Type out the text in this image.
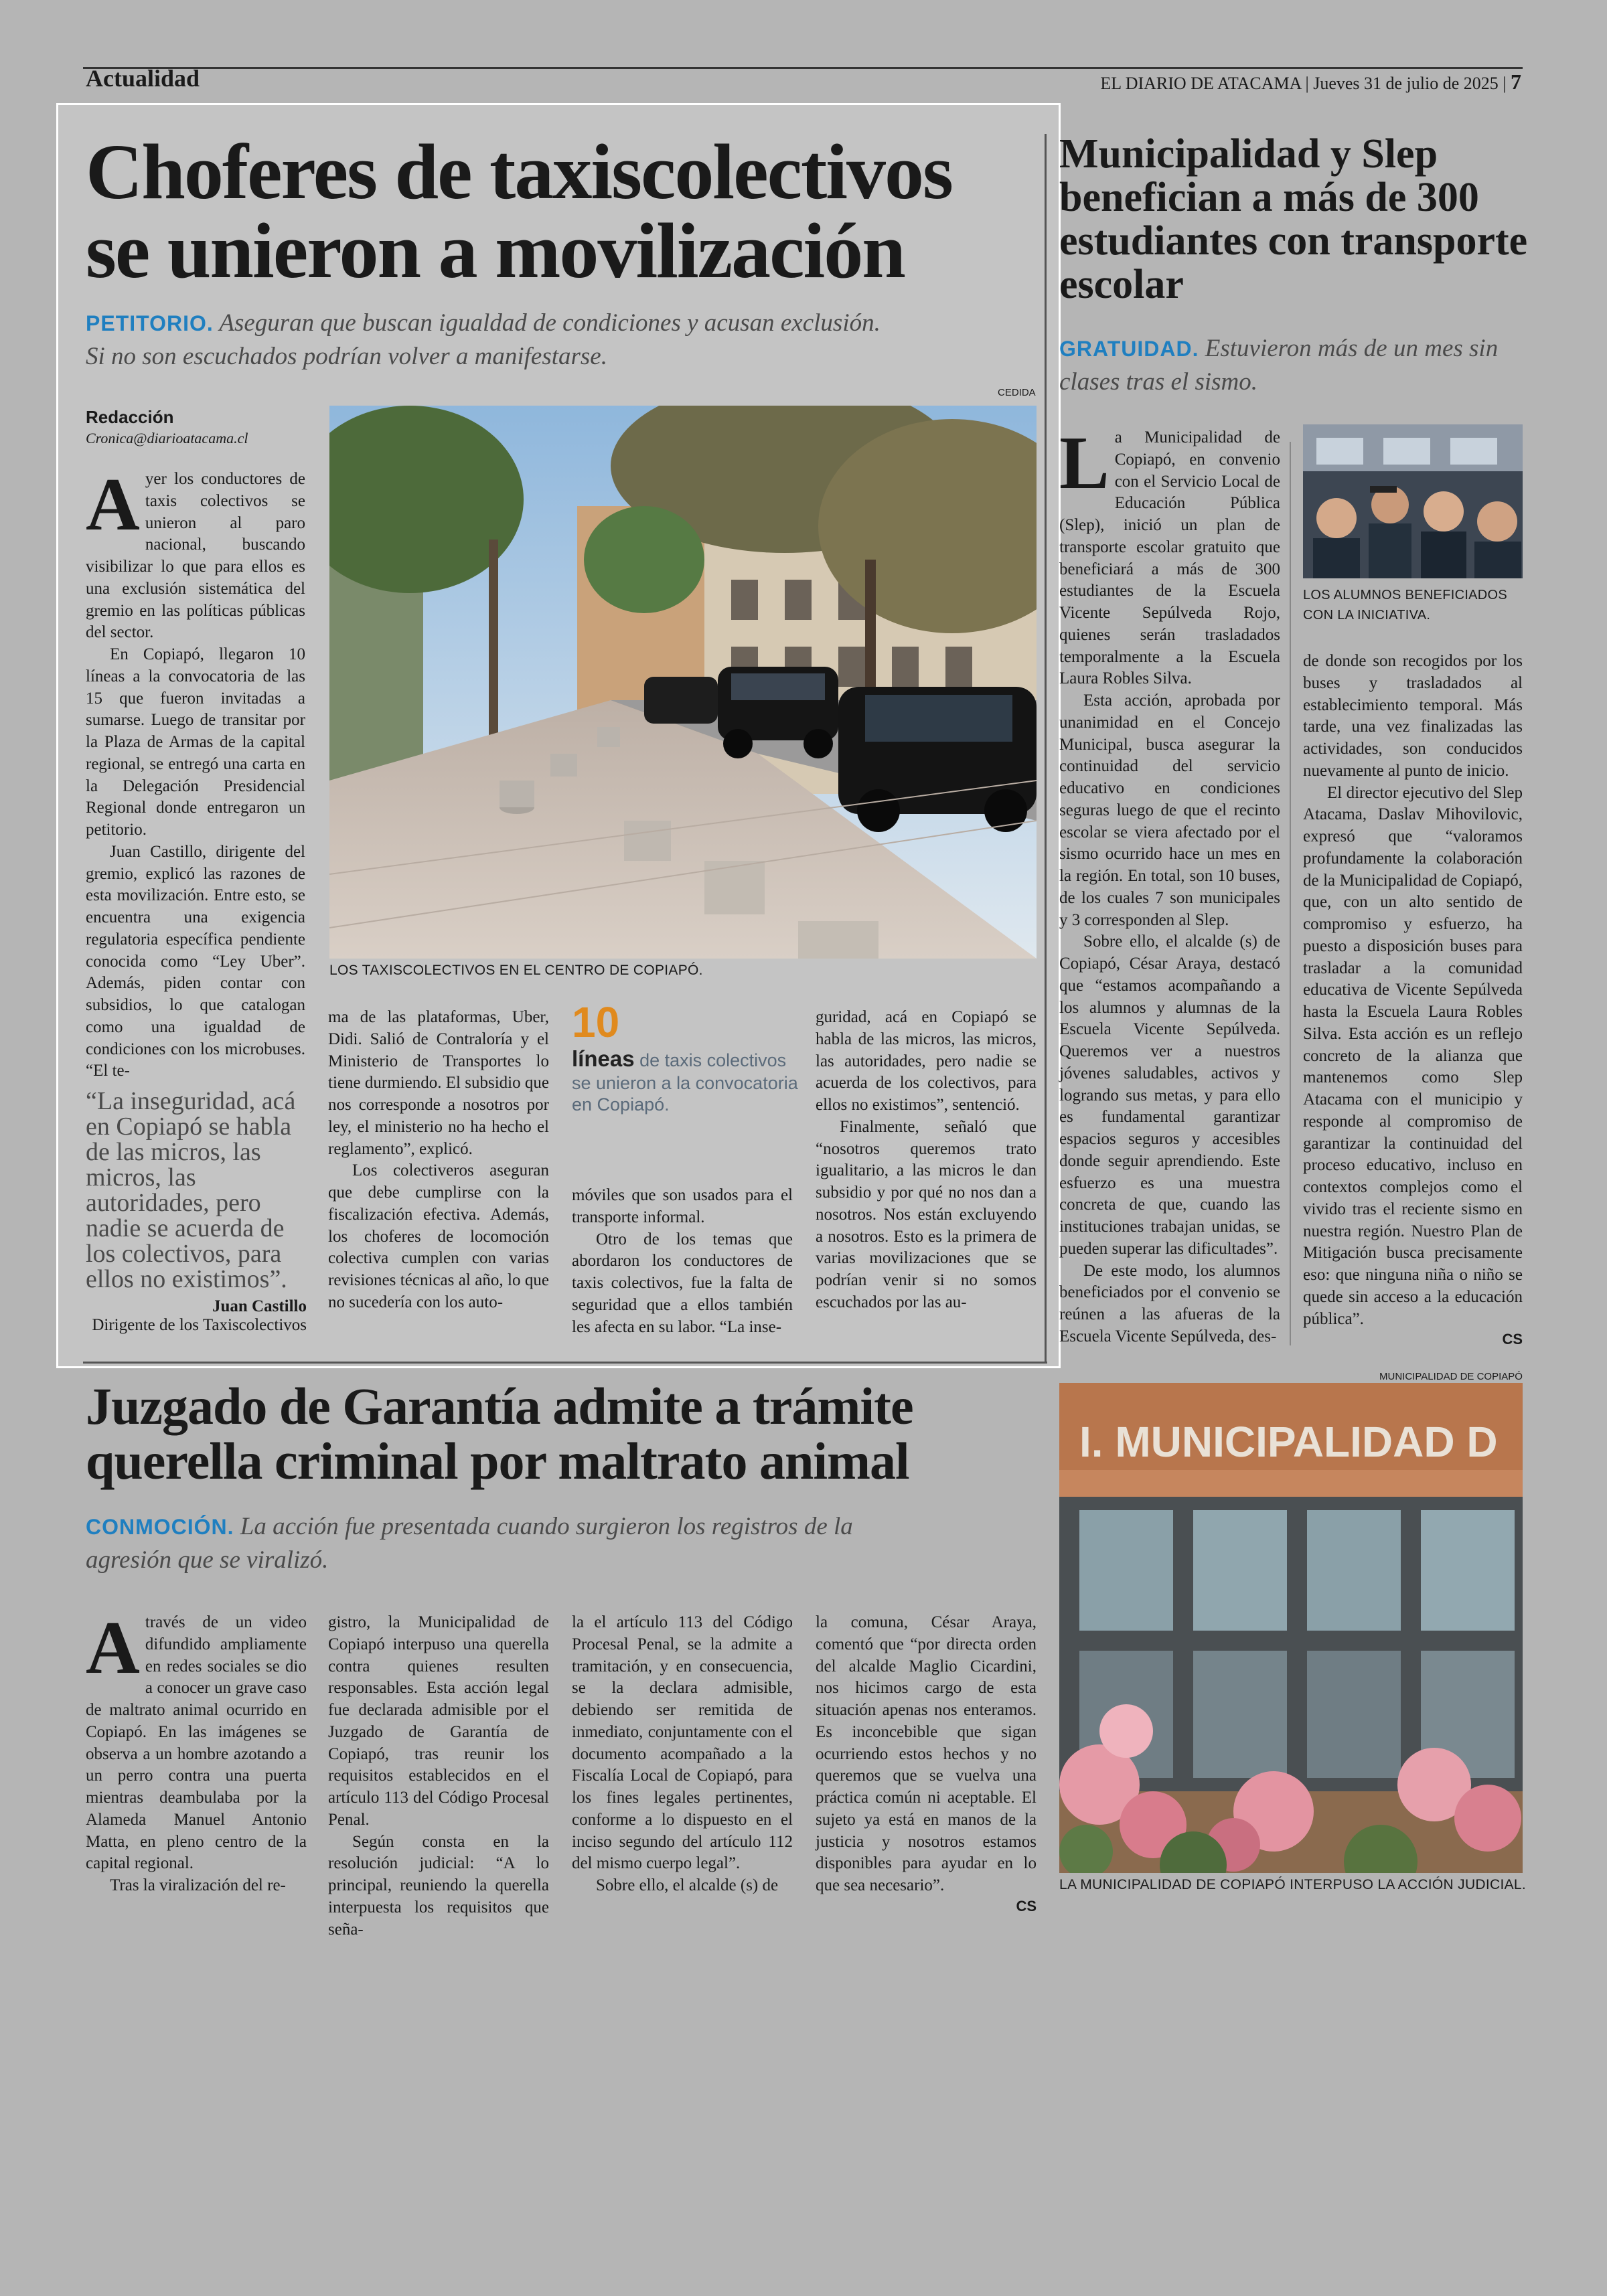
Actualidad	EL DIARIO DE ATACAMA | Jueves 31 de julio de 2025 | 7
Choferes de taxiscolectivos
se unieron a movilización
PETITORIO. Aseguran que buscan igualdad de condiciones y acusan exclusión.
Si no son escuchados podrían volver a manifestarse.
Redacción
Cronica@diarioatacama.cl
CEDIDA
LOS TAXISCOLECTIVOS EN EL CENTRO DE COPIAPÓ.

Ayer los conductores de taxis colectivos se unieron al paro nacional, buscando visibilizar lo que para ellos es una exclusión sistemática del gremio en las políticas públicas del sector.

En Copiapó, llegaron 10 líneas a la convocatoria de las 15 que fueron invitadas a sumarse. Luego de transitar por la Plaza de Armas de la capital regional, se entregó una carta en la Delegación Presidencial Regional donde entregaron un petitorio.

Juan Castillo, dirigente del gremio, explicó las razones de esta movilización. Entre esto, se encuentra una exigencia regulatoria específica pendiente conocida como “Ley Uber”. Además, piden contar con subsidios, lo que catalogan como una igualdad de condiciones con los microbuses. “El te-

“La inseguridad, acá en Copiapó se habla de las micros, las micros, las autoridades, pero nadie se acuerda de los colectivos, para ellos no existimos”.
Juan Castillo
Dirigente de los Taxiscolectivos

ma de las plataformas, Uber, Didi. Salió de Contraloría y el Ministerio de Transportes lo tiene durmiendo. El subsidio que nos corresponde a nosotros por ley, el ministerio no ha hecho el reglamento”, explicó.

Los colectiveros aseguran que debe cumplirse con la fiscalización efectiva. Además, los choferes de locomoción colectiva cumplen con varias revisiones técnicas al año, lo que no sucedería con los auto-

10
líneas de taxis colectivos se unieron a la convocatoria en Copiapó.

móviles que son usados para el transporte informal.

Otro de los temas que abordaron los conductores de taxis colectivos, fue la falta de seguridad que a ellos también les afecta en su labor. “La inse-

guridad, acá en Copiapó se habla de las micros, las micros, las autoridades, pero nadie se acuerda de los colectivos, para ellos no existimos”, sentenció.

Finalmente, señaló que “nosotros queremos trato igualitario, a las micros le dan subsidio y por qué no nos dan a nosotros. Nos están excluyendo a nosotros. Esto es la primera de varias movilizaciones que se podrían venir si no somos escuchados por las au-

Municipalidad y Slep benefician a más de 300 estudiantes con transporte escolar
GRATUIDAD. Estuvieron más de un mes sin clases tras el sismo.
LOS ALUMNOS BENEFICIADOS CON LA INICIATIVA.

La Municipalidad de Copiapó, en convenio con el Servicio Local de Educación Pública (Slep), inició un plan de transporte escolar gratuito que beneficiará a más de 300 estudiantes de la Escuela Vicente Sepúlveda Rojo, quienes serán trasladados temporalmente a la Escuela Laura Robles Silva.

Esta acción, aprobada por unanimidad en el Concejo Municipal, busca asegurar la continuidad del servicio educativo en condiciones seguras luego de que el recinto escolar se viera afectado por el sismo ocurrido hace un mes en la región. En total, son 10 buses, de los cuales 7 son municipales y 3 corresponden al Slep.

Sobre ello, el alcalde (s) de Copiapó, César Araya, destacó que “estamos acompañando a los alumnos y alumnas de la Escuela Vicente Sepúlveda. Queremos ver a nuestros jóvenes saludables, activos y logrando sus metas, y para ello es fundamental garantizar espacios seguros y accesibles donde seguir aprendiendo. Este esfuerzo es una muestra concreta de que, cuando las instituciones trabajan unidas, se pueden superar las dificultades”.

De este modo, los alumnos beneficiados por el convenio se reúnen a las afueras de la Escuela Vicente Sepúlveda, des-

de donde son recogidos por los buses y trasladados al establecimiento temporal. Más tarde, una vez finalizadas las actividades, son conducidos nuevamente al punto de inicio.

El director ejecutivo del Slep Atacama, Daslav Mihovilovic, expresó que “valoramos profundamente la colaboración de la Municipalidad de Copiapó, que, con un alto sentido de compromiso y esfuerzo, ha puesto a disposición buses para trasladar a la comunidad educativa de Vicente Sepúlveda hasta la Escuela Laura Robles Silva. Esta acción es un reflejo concreto de la alianza que mantenemos como Slep Atacama con el municipio y responde al compromiso de garantizar la continuidad del proceso educativo, incluso en contextos complejos como el vivido tras el reciente sismo en nuestra región. Nuestro Plan de Mitigación busca precisamente eso: que ninguna niña o niño se quede sin acceso a la educación pública”.

CS
Juzgado de Garantía admite a trámite
querella criminal por maltrato animal
CONMOCIÓN. La acción fue presentada cuando surgieron los registros de la
agresión que se viralizó.

Através de un video difundido ampliamente en redes sociales se dio a conocer un grave caso de maltrato animal ocurrido en Copiapó. En las imágenes se observa a un hombre azotando a un perro contra una puerta mientras deambulaba por la Alameda Manuel Antonio Matta, en pleno centro de la capital regional.

Tras la viralización del re-

gistro, la Municipalidad de Copiapó interpuso una querella contra quienes resulten responsables. Esta acción legal fue declarada admisible por el Juzgado de Garantía de Copiapó, tras reunir los requisitos establecidos en el artículo 113 del Código Procesal Penal.

Según consta en la resolución judicial: “A lo principal, reuniendo la querella interpuesta los requisitos que seña-

la el artículo 113 del Código Procesal Penal, se la admite a tramitación, y en consecuencia, se la declara admisible, debiendo ser remitida de inmediato, conjuntamente con el documento acompañado a la Fiscalía Local de Copiapó, para los fines legales pertinentes, conforme a lo dispuesto en el inciso segundo del artículo 112 del mismo cuerpo legal”.

Sobre ello, el alcalde (s) de

la comuna, César Araya, comentó que “por directa orden del alcalde Maglio Cicardini, nos hicimos cargo de esta situación apenas nos enteramos. Es inconcebible que sigan ocurriendo estos hechos y no queremos que se vuelva una práctica común ni aceptable. El sujeto ya está en manos de la justicia y nosotros estamos disponibles para ayudar en lo que sea necesario”.

CS
MUNICIPALIDAD DE COPIAPÓ
I. MUNICIPALIDAD D
LA MUNICIPALIDAD DE COPIAPÓ INTERPUSO LA ACCIÓN JUDICIAL.
